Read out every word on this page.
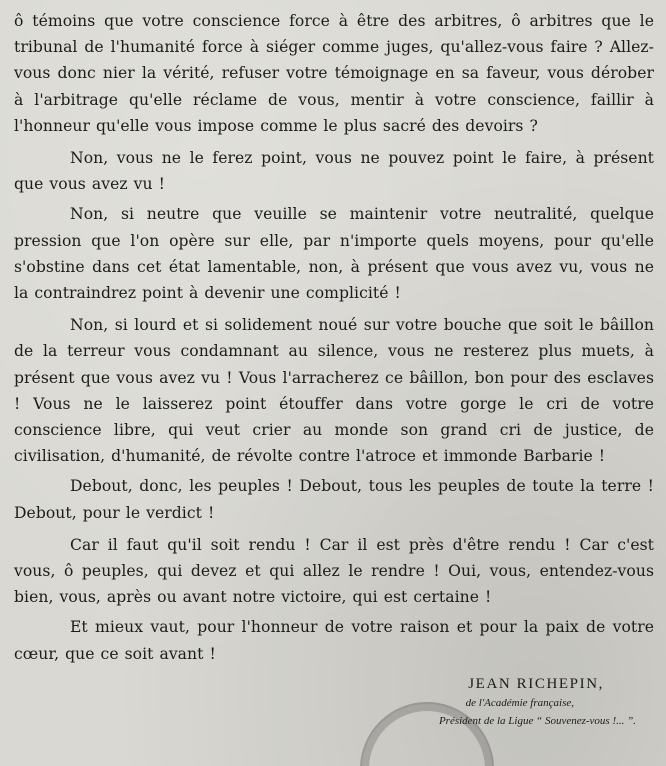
ô témoins que votre conscience force à être des arbitres, ô arbitres que le tribunal de l'humanité force à siéger comme juges, qu'allez-vous faire ? Allez-vous donc nier la vérité, refuser votre témoignage en sa faveur, vous dérober à l'arbitrage qu'elle réclame de vous, mentir à votre conscience, faillir à l'honneur qu'elle vous impose comme le plus sacré des devoirs ?

Non, vous ne le ferez point, vous ne pouvez point le faire, à présent que vous avez vu !

Non, si neutre que veuille se maintenir votre neutralité, quelque pression que l'on opère sur elle, par n'importe quels moyens, pour qu'elle s'obstine dans cet état lamentable, non, à présent que vous avez vu, vous ne la contraindrez point à devenir une complicité !

Non, si lourd et si solidement noué sur votre bouche que soit le bâillon de la terreur vous condamnant au silence, vous ne resterez plus muets, à présent que vous avez vu ! Vous l'arracherez ce bâillon, bon pour des esclaves ! Vous ne le laisserez point étouffer dans votre gorge le cri de votre conscience libre, qui veut crier au monde son grand cri de justice, de civilisation, d'humanité, de révolte contre l'atroce et immonde Barbarie !

Debout, donc, les peuples ! Debout, tous les peuples de toute la terre ! Debout, pour le verdict !

Car il faut qu'il soit rendu ! Car il est près d'être rendu ! Car c'est vous, ô peuples, qui devez et qui allez le rendre ! Oui, vous, entendez-vous bien, vous, après ou avant notre victoire, qui est certaine !

Et mieux vaut, pour l'honneur de votre raison et pour la paix de votre cœur, que ce soit avant !

JEAN RICHEPIN,
de l'Académie française,
Président de la Ligue “ Souvenez-vous !... ”.
